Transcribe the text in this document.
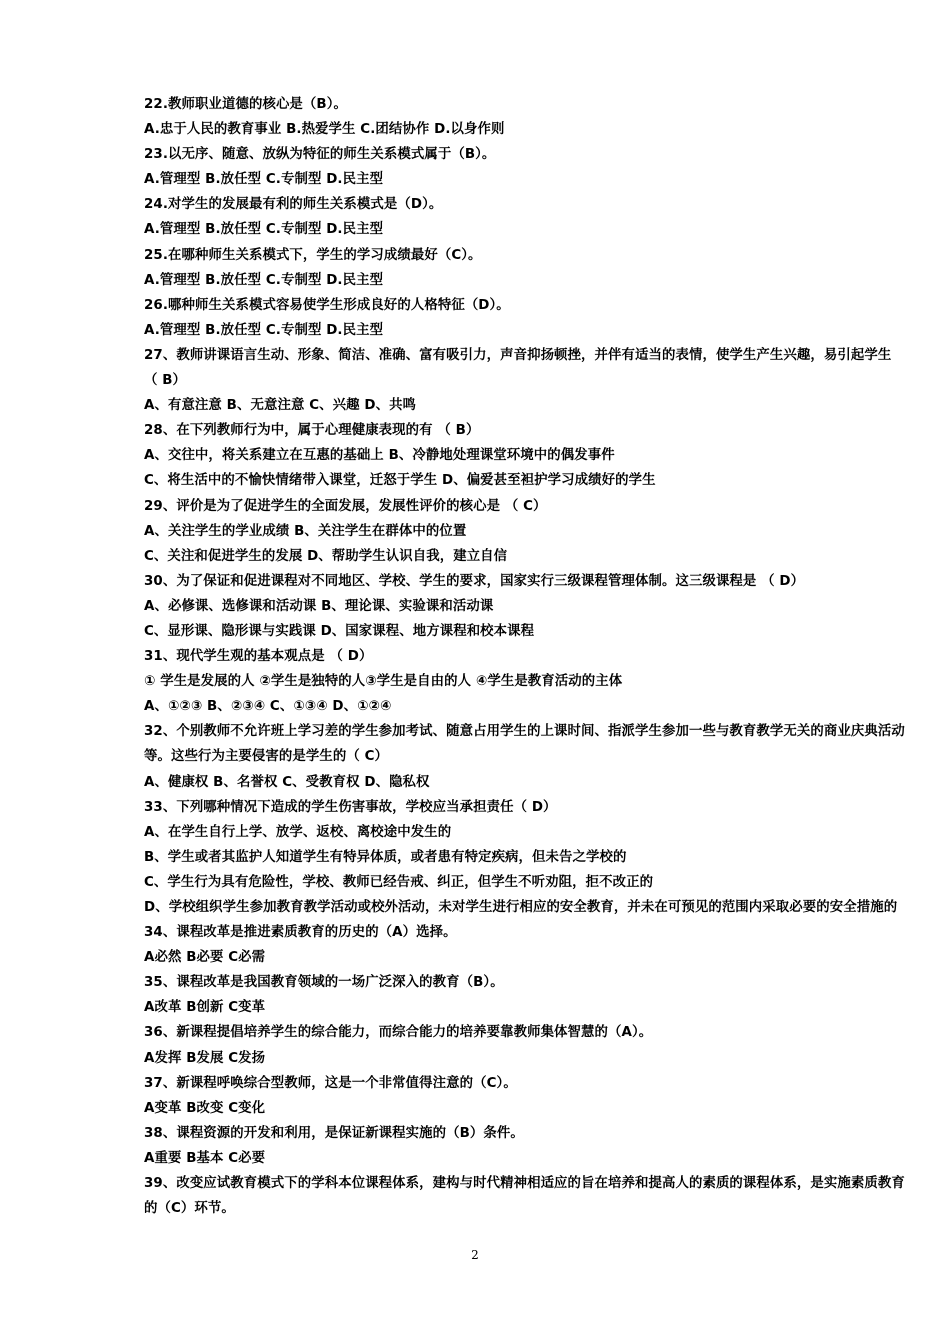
22.教师职业道德的核心是（B）。
A.忠于人民的教育事业 B.热爱学生 C.团结协作 D.以身作则
23.以无序、随意、放纵为特征的师生关系模式属于（B）。
A.管理型 B.放任型 C.专制型 D.民主型
24.对学生的发展最有利的师生关系模式是（D）。
A.管理型 B.放任型 C.专制型 D.民主型
25.在哪种师生关系模式下，学生的学习成绩最好（C）。
A.管理型 B.放任型 C.专制型 D.民主型
26.哪种师生关系模式容易使学生形成良好的人格特征（D）。
A.管理型 B.放任型 C.专制型 D.民主型
27、教师讲课语言生动、形象、简洁、准确、富有吸引力，声音抑扬顿挫，并伴有适当的表情，使学生产生兴趣，易引起学生 （ B）
A、有意注意 B、无意注意 C、兴趣 D、共鸣
28、在下列教师行为中，属于心理健康表现的有 （ B）
A、交往中，将关系建立在互惠的基础上 B、冷静地处理课堂环境中的偶发事件
C、将生活中的不愉快情绪带入课堂，迁怒于学生 D、偏爱甚至袒护学习成绩好的学生
29、评价是为了促进学生的全面发展，发展性评价的核心是 （ C）
A、关注学生的学业成绩 B、关注学生在群体中的位置
C、关注和促进学生的发展 D、帮助学生认识自我，建立自信
30、为了保证和促进课程对不同地区、学校、学生的要求，国家实行三级课程管理体制。这三级课程是 （ D）
A、必修课、选修课和活动课 B、理论课、实验课和活动课
C、显形课、隐形课与实践课 D、国家课程、地方课程和校本课程
31、现代学生观的基本观点是 （ D）
① 学生是发展的人 ②学生是独特的人③学生是自由的人 ④学生是教育活动的主体
A、①②③ B、②③④ C、①③④ D、①②④
32、个别教师不允许班上学习差的学生参加考试、随意占用学生的上课时间、指派学生参加一些与教育教学无关的商业庆典活动等。这些行为主要侵害的是学生的（ C）
A、健康权 B、名誉权 C、受教育权 D、隐私权
33、下列哪种情况下造成的学生伤害事故，学校应当承担责任（ D）
A、在学生自行上学、放学、返校、离校途中发生的
B、学生或者其监护人知道学生有特异体质，或者患有特定疾病，但未告之学校的
C、学生行为具有危险性，学校、教师已经告戒、纠正，但学生不听劝阻，拒不改正的
D、学校组织学生参加教育教学活动或校外活动，未对学生进行相应的安全教育，并未在可预见的范围内采取必要的安全措施的
34、课程改革是推进素质教育的历史的（A）选择。
A必然 B必要 C必需
35、课程改革是我国教育领域的一场广泛深入的教育（B）。
A改革 B创新 C变革
36、新课程提倡培养学生的综合能力，而综合能力的培养要靠教师集体智慧的（A）。
A发挥 B发展 C发扬
37、新课程呼唤综合型教师，这是一个非常值得注意的（C）。
A变革 B改变 C变化
38、课程资源的开发和利用，是保证新课程实施的（B）条件。
A重要 B基本 C必要
39、改变应试教育模式下的学科本位课程体系，建构与时代精神相适应的旨在培养和提高人的素质的课程体系，是实施素质教育的（C）环节。
2
